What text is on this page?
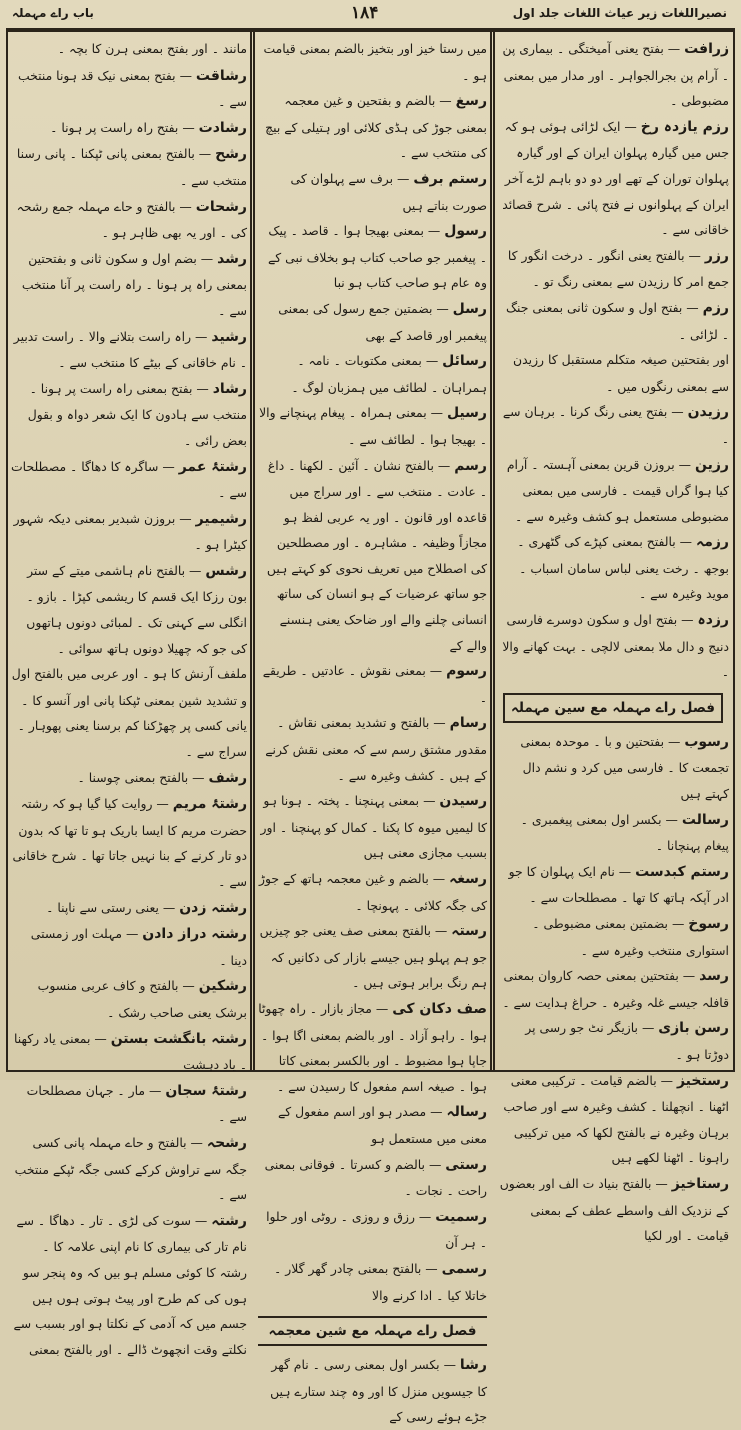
نصیراللغات زیر عیاث اللغات جلد اول
۱۸۴
باب راے مہملہ

زرافت — بفتح یعنی آمیختگی ۔ بیماری پن ۔ آرام پن بجرالجواہر ۔ اور مدار میں بمعنی مضبوطی ۔

رزم یازدہ رخ — ایک لڑائی ہوئی ہو کہ جس میں گیارہ پہلوان ایران کے اور گیارہ پہلوان توران کے تھے اور دو دو باہم لڑے آخر ایران کے پہلوانوں نے فتح پائی ۔ شرح قصائد خاقانی سے ۔

رزر — بالفتح یعنی انگور ۔ درخت انگور کا جمع امر کا رزیدن سے بمعنی رنگ تو ۔

رزم — بفتح اول و سکون ثانی بمعنی جنگ ۔ لڑائی ۔

اور بفتحتین صیغہ متکلم مستقبل کا رزیدن سے بمعنی رنگوں میں ۔

رزیدن — بفتح یعنی رنگ کرنا ۔ برہان سے ۔

رزین — بروزن قرین بمعنی آہستہ ۔ آرام کیا ہوا گراں قیمت ۔ فارسی میں بمعنی مضبوطی مستعمل ہو کشف وغیرہ سے ۔

رزمہ — بالفتح بمعنی کپڑے کی گٹھری ۔ بوجھ ۔ رخت یعنی لباس سامان اسباب ۔ موید وغیرہ سے ۔

رزدہ — بفتح اول و سکون دوسرے فارسی دنیج و دال ملا بمعنی لالچی ۔ بہت کھانے والا ۔

فصل راے مہملہ مع سین مہملہ

رسوب — بفتحتین و با ۔ موحدہ بمعنی تجمعت کا ۔ فارسی میں کرد و نشم دال کہتے ہیں

رسالت — بکسر اول بمعنی پیغمبری ۔ پیغام پہنچانا ۔

رستم کبدست — نام ایک پہلوان کا جو ادر آپکہ ہاتھ کا تھا ۔ مصطلحات سے ۔

رسوخ — بضمتین بمعنی مضبوطی ۔ استواری منتخب وغیرہ سے ۔

رسد — بفتحتین بمعنی حصہ کاروان بمعنی قافلہ جیسے غلہ وغیرہ ۔ حراغ ہدایت سے ۔

رسن بازی — بازیگر نٹ جو رسی پر دوڑتا ہو ۔

رستخیز — بالضم قیامت ۔ ترکیبی معنی اٹھنا ۔ انچھلنا ۔ کشف وغیرہ سے اور صاحب برہان وغیرہ نے بالفتح لکھا کہ میں ترکیبی راہونا ۔ اٹھنا لکھے ہیں

رستاخیز — بالفتح بنیاد ت الف اور بعضوں کے نزدیک الف واسطے عطف کے بمعنی قیامت ۔ اور لکیا

میں رستا خیز اور بتخیز بالضم بمعنی قیامت ہو ۔

رسغ — بالضم و بفتحین و غین معجمہ بمعنی جوڑ کی ہڈی کلائی اور ہتیلی کے بیچ کی منتخب سے ۔

رستم برف — برف سے پہلوان کی صورت بناتے ہیں

رسول — بمعنی بھیجا ہوا ۔ قاصد ۔ پیک ۔ پیغمبر جو صاحب کتاب ہو بخلاف نبی کے وہ عام ہو صاحب کتاب ہو نبا

رسل — بضمتین جمع رسول کی بمعنی پیغمبر اور قاصد کے بھی

رسائل — بمعنی مکتوبات ۔ نامہ ۔ ہمراہان ۔ لطائف میں ہمزبان لوگ ۔

رسیل — بمعنی ہمراہ ۔ پیغام پہنچانے والا ۔ بھیجا ہوا ۔ لطائف سے ۔

رسم — بالفتح نشان ۔ آئین ۔ لکھنا ۔ داغ ۔ عادت ۔ منتخب سے ۔ اور سراج میں قاعدہ اور قانون ۔ اور یہ عربی لفظ ہو مجازاً وظیفہ ۔ مشاہرہ ۔ اور مصطلحین کی اصطلاح میں تعریف نحوی کو کہتے ہیں جو ساتھ عرضیات کے ہو انسان کی ساتھ انسانی چلنے والے اور ضاحک یعنی ہنسنے والے کے

رسوم — بمعنی نقوش ۔ عادتیں ۔ طریقے ۔

رسام — بالفتح و تشدید بمعنی نقاش ۔ مقدور مشتق رسم سے کہ معنی نقش کرنے کے ہیں ۔ کشف وغیرہ سے ۔

رسیدن — بمعنی پہنچنا ۔ پختہ ۔ ہونا ہو کا لیمیں میوہ کا پکنا ۔ کمال کو پہنچنا ۔ اور بسبب مجازی معنی ہیں

رسغہ — بالضم و غین معجمہ ہاتھ کے جوڑ کی جگہ کلائی ۔ پہونچا ۔

رستہ — بالفتح بمعنی صف یعنی جو چیزیں جو ہم پہلو ہیں جیسے بازار کی دکانیں کہ ہم رنگ برابر ہوتی ہیں ۔

صف دکان کی — مجاز بازار ۔ راہ چھوٹا ہوا ۔ راہو آزاد ۔ اور بالضم بمعنی اگا ہوا ۔ جاپا ہوا مضبوط ۔ اور بالکسر بمعنی کاتا ہوا ۔ صیغہ اسم مفعول کا رسیدن سے ۔

رسالہ — مصدر ہو اور اسم مفعول کے معنی میں مستعمل ہو

رستی — بالضم و کسرتا ۔ فوقانی بمعنی راحت ۔ نجات ۔

رسمیت — رزق و روزی ۔ روٹی اور حلوا ۔ ہر آن

رسمی — بالفتح بمعنی چادر گھر گلار ۔ خاتلا کیا ۔ ادا کرنے والا

فصل راے مہملہ مع شین معجمہ

رشا — بکسر اول بمعنی رسی ۔ نام گھر کا جیسویں منزل کا اور وہ چند ستارے ہیں جڑے ہوئے رسی کے

مانند ۔ اور بفتح بمعنی ہرن کا بچہ ۔

رشاقت — بفتح بمعنی نیک قد ہونا منتخب سے ۔

رشادت — بفتح راہ راست پر ہونا ۔

رشح — بالفتح بمعنی پانی ٹپکنا ۔ پانی رسنا منتخب سے ۔

رشحات — بالفتح و حاے مہملہ جمع رشحہ کی ۔ اور یہ بھی ظاہر ہو ۔

رشد — بضم اول و سکون ثانی و بفتحتین بمعنی راہ پر ہونا ۔ راہ راست پر آنا منتخب سے ۔

رشید — راہ راست بتلانے والا ۔ راست تدبیر ۔ نام خاقانی کے بیٹے کا منتخب سے ۔

رشاد — بفتح بمعنی راہ راست پر ہونا ۔ منتخب سے ہادون کا ایک شعر دواہ و بقول بعض رائی ۔

رشتۂ عمر — ساگرہ کا دھاگا ۔ مصطلحات سے ۔

رشیمیر — بروزن شبدیر بمعنی دیکہ شہور کیٹرا ہو ۔

رشس — بالفتح نام ہاشمی میتے کے ستر بون رزکا ایک قسم کا ریشمی کپڑا ۔ بازو ۔ انگلی سے کہنی تک ۔ لمبائی دونوں ہاتھوں کی جو کہ چھیلا دونوں ہاتھ سوائی ۔

ملفف آرنش کا ہو ۔ اور عربی میں بالفتح اول و تشدید شین بمعنی ٹپکنا پانی اور آنسو کا ۔ یانی کسی پر چھڑکنا کم برسنا یعنی پھوہار ۔ سراج سے ۔

رشف — بالفتح بمعنی چوسنا ۔

رشتۂ مریم — روایت کیا گیا ہو کہ رشتہ حضرت مریم کا ایسا باریک ہو تا تھا کہ بدون دو تار کرنے کے بنا نہیں جاتا تھا ۔ شرح خاقانی سے ۔

رشتہ زدن — یعنی رستی سے ناپنا ۔

رشتہ دراز دادن — مہلت اور زمستی دینا ۔

رشکین — بالفتح و کاف عربی منسوب برشک یعنی صاحب رشک ۔

رشتہ بانگشت بستن — بمعنی یاد رکھنا ۔ یاد دہشت

رشتۂ سجان — مار ۔ جہان مصطلحات سے ۔

رشحہ — بالفتح و حاے مہملہ پانی کسی جگہ سے تراوش کرکے کسی جگہ ٹپکے منتخب سے ۔

رشتہ — سوت کی لڑی ۔ تار ۔ دھاگا ۔ سے نام تار کی بیماری کا نام اپنی علامہ کا ۔ رشتہ کا کوئی مسلم ہو بیں کہ وہ پنجر سو ہوں کی کم طرح اور پیٹ ہوتی ہوں ہیں جسم میں کہ آدمی کے نکلتا ہو اور بسبب سے نکلتے وقت انچھوٹ ڈالے ۔ اور بالفتح بمعنی
